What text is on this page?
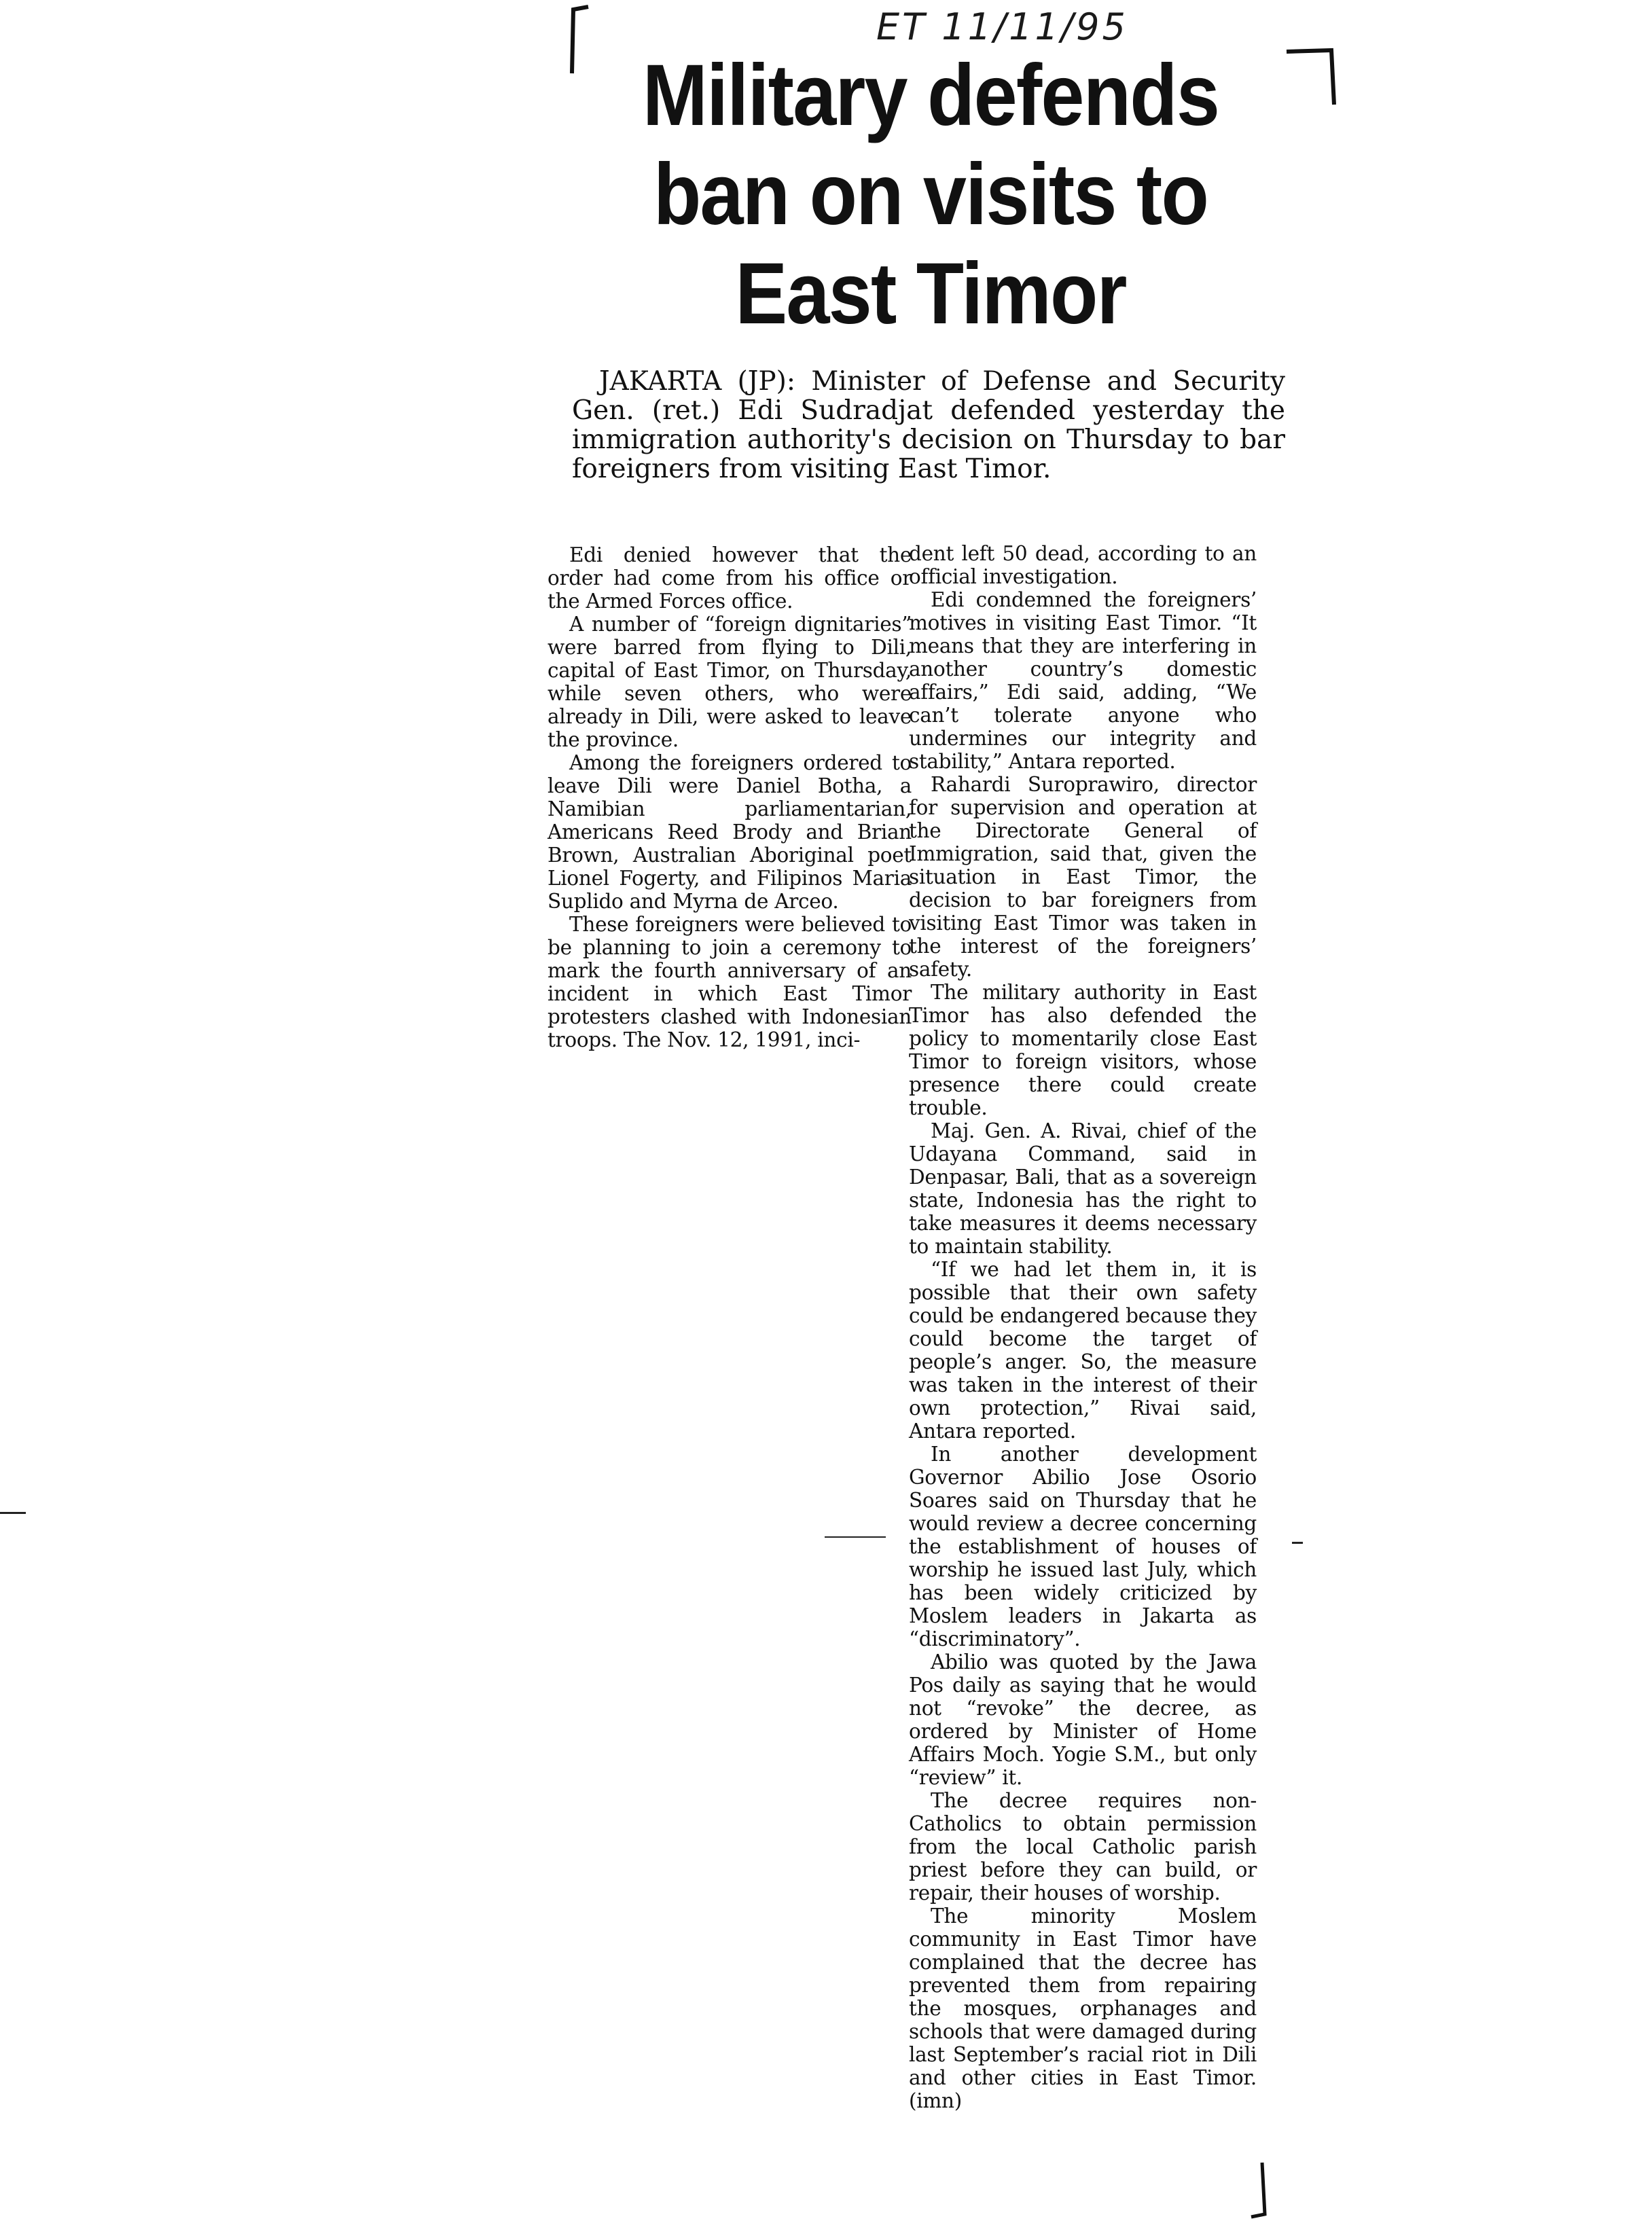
ET 11/11/95
Military defends ban on visits to East Timor

JAKARTA (JP): Minister of Defense and Security Gen. (ret.) Edi Sudradjat defended yesterday the immigration authority's decision on Thursday to bar foreigners from visiting East Timor.

Edi denied however that the order had come from his office or the Armed Forces office.

A number of “foreign dignitaries” were barred from flying to Dili, capital of East Timor, on Thursday, while seven others, who were already in Dili, were asked to leave the province.

Among the foreigners ordered to leave Dili were Daniel Botha, a Namibian parliamentarian, Americans Reed Brody and Brian Brown, Australian Aboriginal poet Lionel Fogerty, and Filipinos Maria Suplido and Myrna de Arceo.

These foreigners were believed to be planning to join a ceremony to mark the fourth anniversary of an incident in which East Timor protesters clashed with Indonesian troops. The Nov. 12, 1991, inci-

dent left 50 dead, according to an official investigation.

Edi condemned the foreigners’ motives in visiting East Timor. “It means that they are interfering in another country’s domestic affairs,” Edi said, adding, “We can’t tolerate anyone who undermines our integrity and stability,” Antara reported.

Rahardi Suroprawiro, director for supervision and operation at the Directorate General of Immigration, said that, given the situation in East Timor, the decision to bar foreigners from visiting East Timor was taken in the interest of the foreigners’ safety.

The military authority in East Timor has also defended the policy to momentarily close East Timor to foreign visitors, whose presence there could create trouble.

Maj. Gen. A. Rivai, chief of the Udayana Command, said in Denpasar, Bali, that as a sovereign state, Indonesia has the right to take measures it deems necessary to maintain stability.

“If we had let them in, it is possible that their own safety could be endangered because they could become the target of people’s anger. So, the measure was taken in the interest of their own protection,” Rivai said, Antara reported.

In another development Governor Abilio Jose Osorio Soares said on Thursday that he would review a decree concerning the establishment of houses of worship he issued last July, which has been widely criticized by Moslem leaders in Jakarta as “discriminatory”.

Abilio was quoted by the Jawa Pos daily as saying that he would not “revoke” the decree, as ordered by Minister of Home Affairs Moch. Yogie S.M., but only “review” it.

The decree requires non-Catholics to obtain permission from the local Catholic parish priest before they can build, or repair, their houses of worship.

The minority Moslem community in East Timor have complained that the decree has prevented them from repairing the mosques, orphanages and schools that were damaged during last September’s racial riot in Dili and other cities in East Timor. (imn)
